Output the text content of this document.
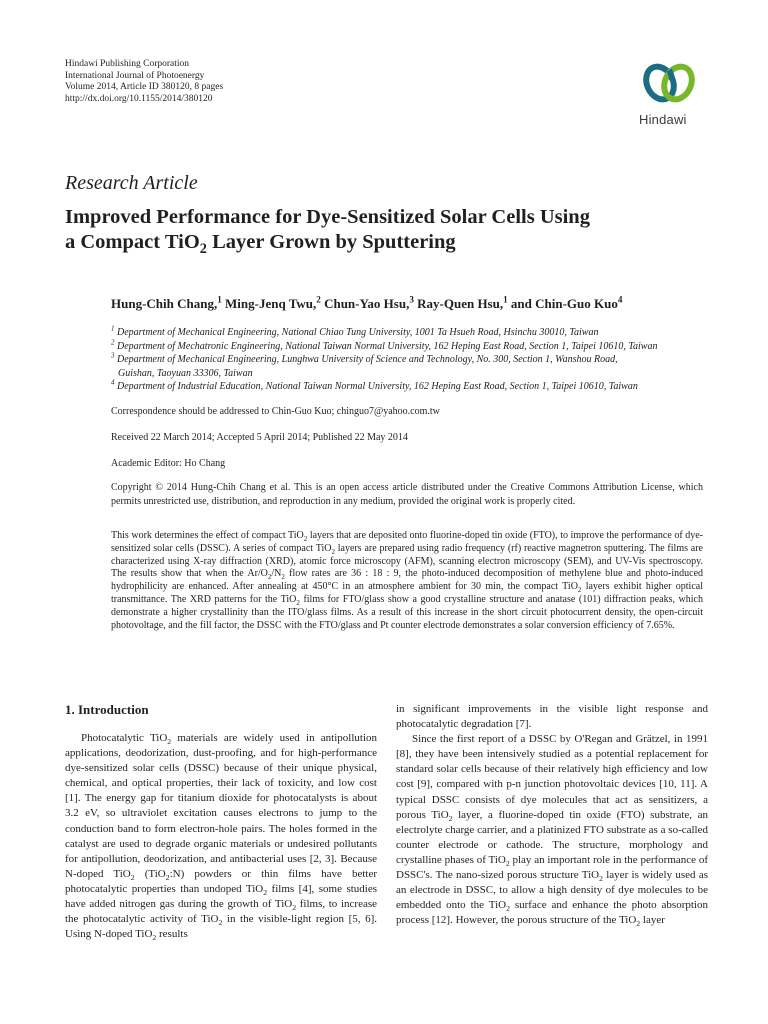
Hindawi Publishing Corporation
International Journal of Photoenergy
Volume 2014, Article ID 380120, 8 pages
http://dx.doi.org/10.1155/2014/380120
Hindawi
Research Article
Improved Performance for Dye-Sensitized Solar Cells Using
a Compact TiO$_2$ Layer Grown by Sputtering
Hung-Chih Chang,$^1$ Ming-Jenq Twu,$^2$ Chun-Yao Hsu,$^3$ Ray-Quen Hsu,$^1$ and Chin-Guo Kuo$^4$
$^1$ Department of Mechanical Engineering, National Chiao Tung University, 1001 Ta Hsueh Road, Hsinchu 30010, Taiwan
$^2$ Department of Mechatronic Engineering, National Taiwan Normal University, 162 Heping East Road, Section 1, Taipei 10610, Taiwan
$^3$ Department of Mechanical Engineering, Lunghwa University of Science and Technology, No. 300, Section 1, Wanshou Road,
Guishan, Taoyuan 33306, Taiwan
$^4$ Department of Industrial Education, National Taiwan Normal University, 162 Heping East Road, Section 1, Taipei 10610, Taiwan
Correspondence should be addressed to Chin-Guo Kuo; chinguo7@yahoo.com.tw
Received 22 March 2014; Accepted 5 April 2014; Published 22 May 2014
Academic Editor: Ho Chang
Copyright © 2014 Hung-Chih Chang et al. This is an open access article distributed under the Creative Commons Attribution License, which permits unrestricted use, distribution, and reproduction in any medium, provided the original work is properly cited.
This work determines the effect of compact TiO$_2$ layers that are deposited onto fluorine-doped tin oxide (FTO), to improve the performance of dye-sensitized solar cells (DSSC). A series of compact TiO$_2$ layers are prepared using radio frequency (rf) reactive magnetron sputtering. The films are characterized using X-ray diffraction (XRD), atomic force microscopy (AFM), scanning electron microscopy (SEM), and UV-Vis spectroscopy. The results show that when the $Ar/O_2/N_2$ flow rates are 36 : 18 : 9, the photo-induced decomposition of methylene blue and photo-induced hydrophilicity are enhanced. After annealing at 450°C in an atmosphere ambient for 30 min, the compact TiO$_2$ layers exhibit higher optical transmittance. The XRD patterns for the TiO$_2$ films for FTO/glass show a good crystalline structure and anatase (101) diffraction peaks, which demonstrate a higher crystallinity than the ITO/glass films. As a result of this increase in the short circuit photocurrent density, the open-circuit photovoltage, and the fill factor, the DSSC with the FTO/glass and Pt counter electrode demonstrates a solar conversion efficiency of 7.65%.
1. Introduction

Photocatalytic TiO$_2$ materials are widely used in antipollution applications, deodorization, dust-proofing, and for high-performance dye-sensitized solar cells (DSSC) because of their unique physical, chemical, and optical properties, their lack of toxicity, and low cost [1]. The energy gap for titanium dioxide for photocatalysts is about 3.2 eV, so ultraviolet excitation causes electrons to jump to the conduction band to form electron-hole pairs. The holes formed in the catalyst are used to degrade organic materials or undesired pollutants for antipollution, deodorization, and antibacterial uses [2, 3]. Because N-doped TiO$_2$ (TiO$_2$:N) powders or thin films have better photocatalytic properties than undoped TiO$_2$ films [4], some studies have added nitrogen gas during the growth of TiO$_2$ films, to increase the photocatalytic activity of TiO$_2$ in the visible-light region [5, 6]. Using N-doped TiO$_2$ results

in significant improvements in the visible light response and photocatalytic degradation [7].

Since the first report of a DSSC by O'Regan and Grätzel, in 1991 [8], they have been intensively studied as a potential replacement for standard solar cells because of their relatively high efficiency and low cost [9], compared with p-n junction photovoltaic devices [10, 11]. A typical DSSC consists of dye molecules that act as sensitizers, a porous TiO$_2$ layer, a fluorine-doped tin oxide (FTO) substrate, an electrolyte charge carrier, and a platinized FTO substrate as a so-called counter electrode or cathode. The structure, morphology and crystalline phases of TiO$_2$ play an important role in the performance of DSSC's. The nano-sized porous structure TiO$_2$ layer is widely used as an electrode in DSSC, to allow a high density of dye molecules to be embedded onto the TiO$_2$ surface and enhance the photo absorption process [12]. However, the porous structure of the TiO$_2$ layer
